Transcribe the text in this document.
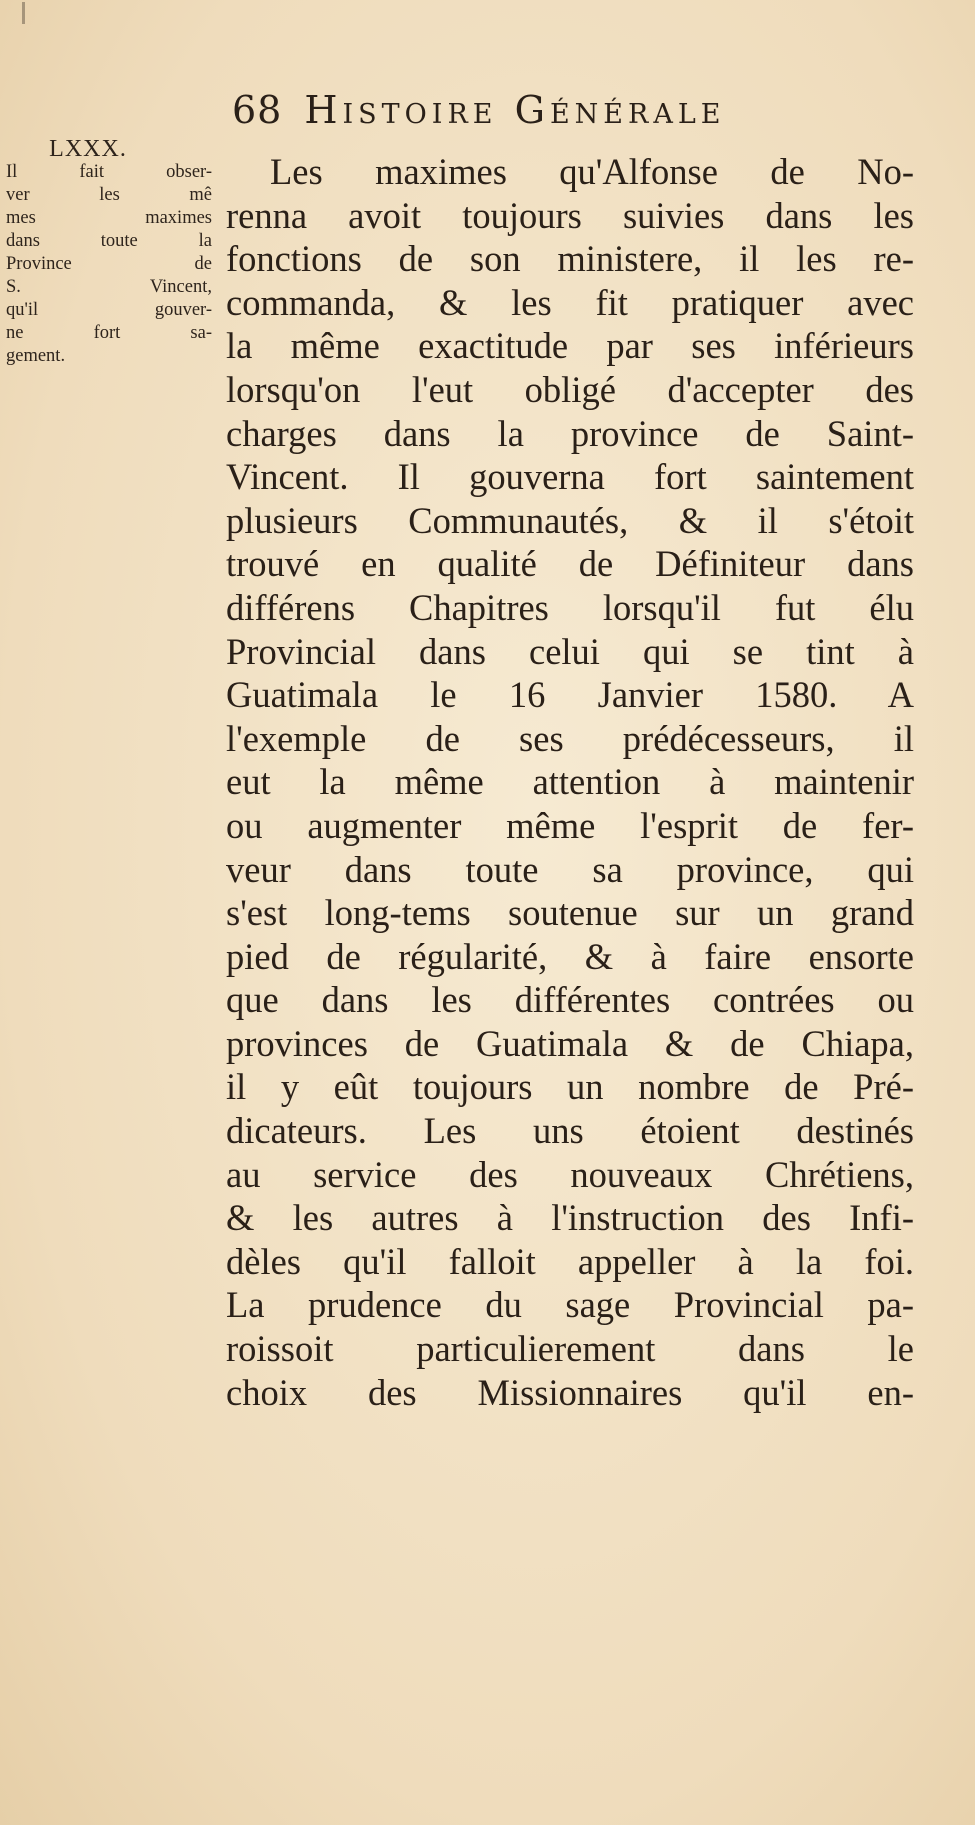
68 Histoire Générale
LXXX.
Il fait obser-
ver les mê
mes maximes
dans toute la
Province de
S. Vincent,
qu'il gouver-
ne fort sa-
gement.
Les maximes qu'Alfonse de No-
renna avoit toujours suivies dans les
fonctions de son ministere, il les re-
commanda, & les fit pratiquer avec
la même exactitude par ses inférieurs
lorsqu'on l'eut obligé d'accepter des
charges dans la province de Saint-
Vincent. Il gouverna fort saintement
plusieurs Communautés, & il s'étoit
trouvé en qualité de Définiteur dans
différens Chapitres lorsqu'il fut élu
Provincial dans celui qui se tint à
Guatimala le 16 Janvier 1580. A
l'exemple de ses prédécesseurs, il
eut la même attention à maintenir
ou augmenter même l'esprit de fer-
veur dans toute sa province, qui
s'est long-tems soutenue sur un grand
pied de régularité, & à faire ensorte
que dans les différentes contrées ou
provinces de Guatimala & de Chiapa,
il y eût toujours un nombre de Pré-
dicateurs. Les uns étoient destinés
au service des nouveaux Chrétiens,
& les autres à l'instruction des Infi-
dèles qu'il falloit appeller à la foi.
La prudence du sage Provincial pa-
roissoit particulierement dans le
choix des Missionnaires qu'il en-
